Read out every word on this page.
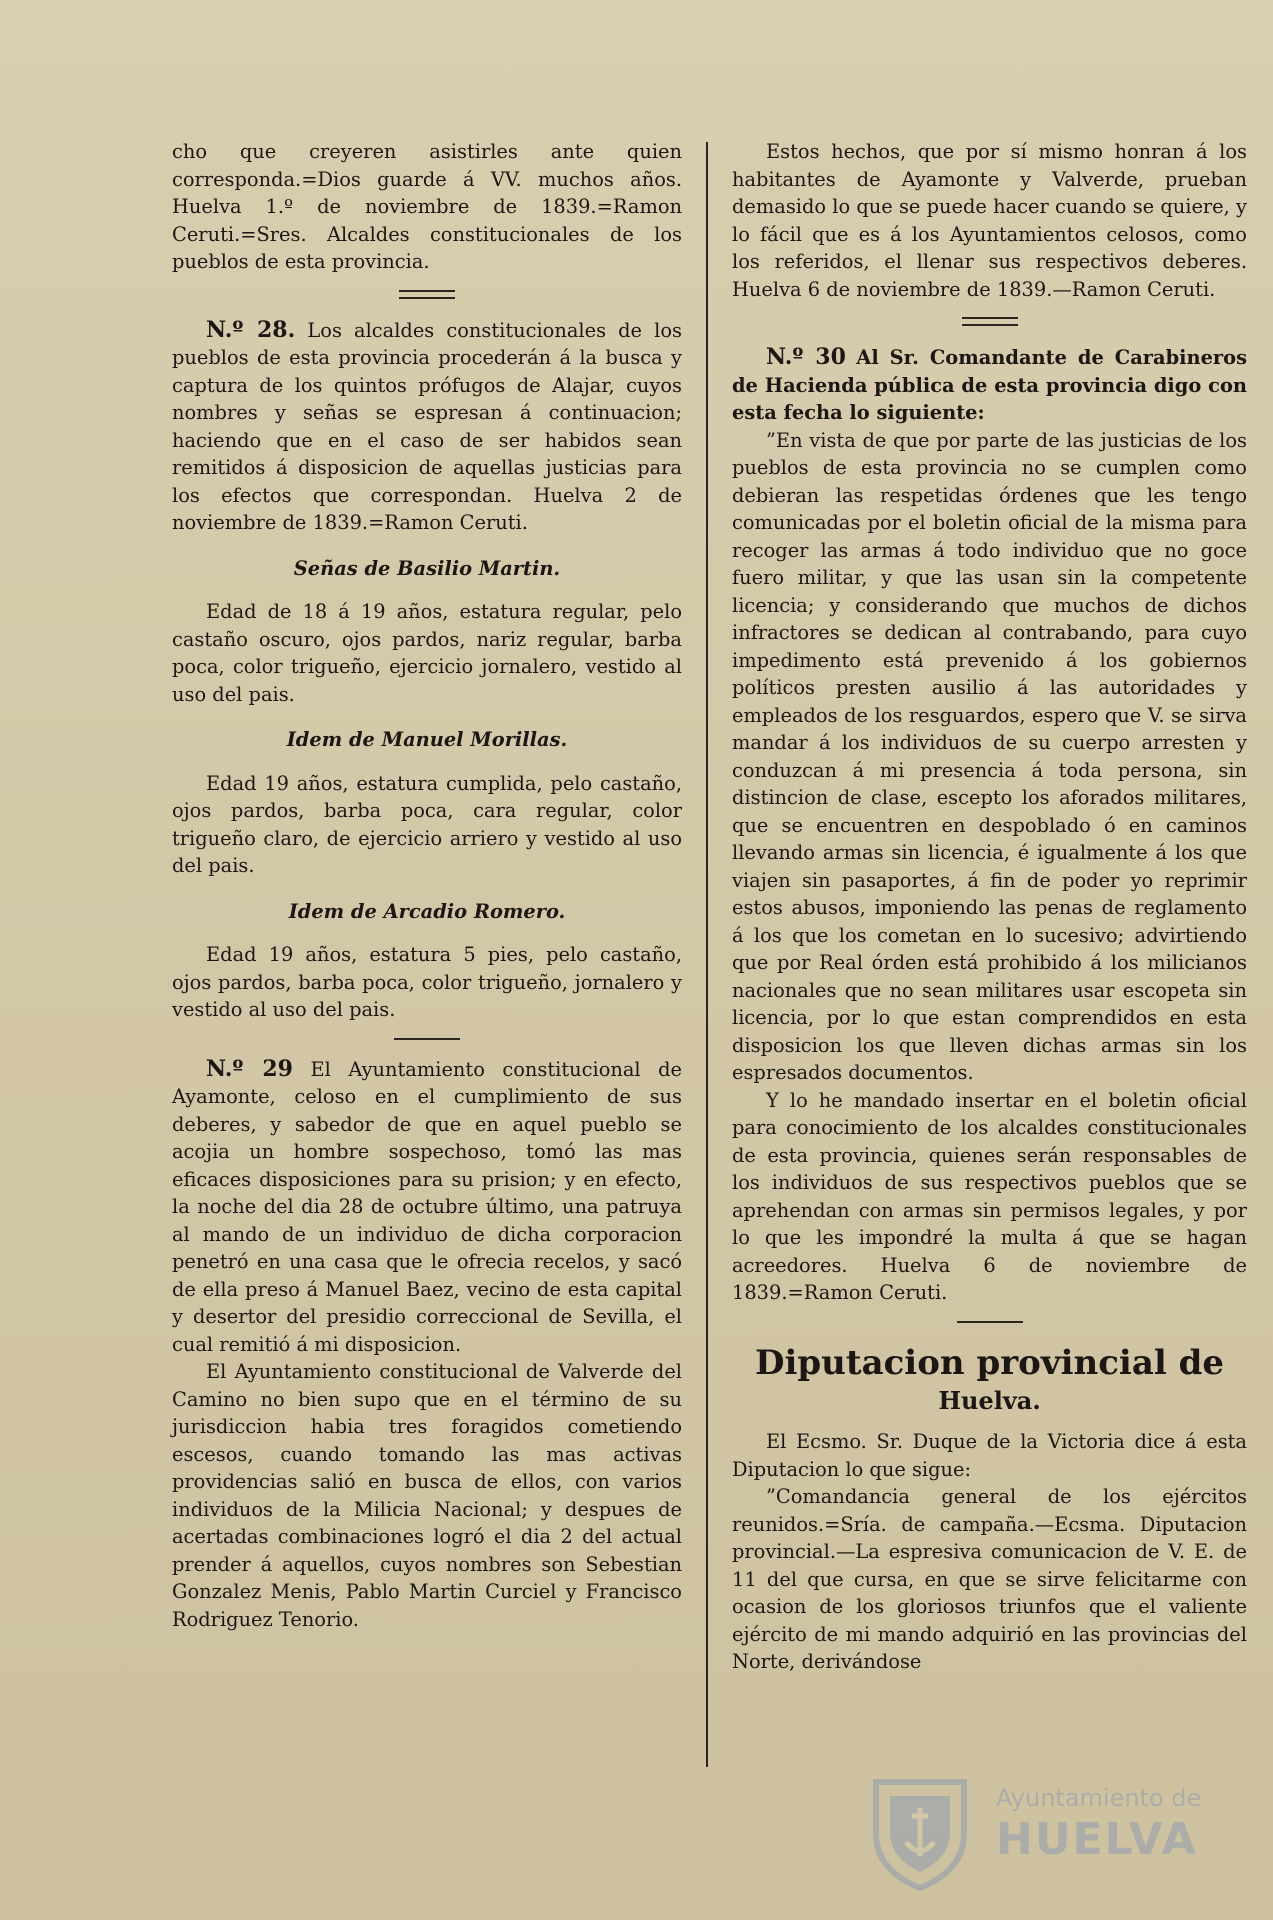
cho que creyeren asistirles ante quien corresponda.=Dios guarde á VV. muchos años. Huelva 1.º de noviembre de 1839.=Ramon Ceruti.=Sres. Alcaldes constitucionales de los pueblos de esta provincia.

N.º 28. Los alcaldes constitucionales de los pueblos de esta provincia procederán á la busca y captura de los quintos prófugos de Alajar, cuyos nombres y señas se espresan á continuacion; haciendo que en el caso de ser habidos sean remitidos á disposicion de aquellas justicias para los efectos que correspondan. Huelva 2 de noviembre de 1839.=Ramon Ceruti.

Señas de Basilio Martin.

Edad de 18 á 19 años, estatura regular, pelo castaño oscuro, ojos pardos, nariz regular, barba poca, color trigueño, ejercicio jornalero, vestido al uso del pais.

Idem de Manuel Morillas.

Edad 19 años, estatura cumplida, pelo castaño, ojos pardos, barba poca, cara regular, color trigueño claro, de ejercicio arriero y vestido al uso del pais.

Idem de Arcadio Romero.

Edad 19 años, estatura 5 pies, pelo castaño, ojos pardos, barba poca, color trigueño, jornalero y vestido al uso del pais.

N.º 29 El Ayuntamiento constitucional de Ayamonte, celoso en el cumplimiento de sus deberes, y sabedor de que en aquel pueblo se acojia un hombre sospechoso, tomó las mas eficaces disposiciones para su prision; y en efecto, la noche del dia 28 de octubre último, una patruya al mando de un individuo de dicha corporacion penetró en una casa que le ofrecia recelos, y sacó de ella preso á Manuel Baez, vecino de esta capital y desertor del presidio correccional de Sevilla, el cual remitió á mi disposicion.

El Ayuntamiento constitucional de Valverde del Camino no bien supo que en el término de su jurisdiccion habia tres foragidos cometiendo escesos, cuando tomando las mas activas providencias salió en busca de ellos, con varios individuos de la Milicia Nacional; y despues de acertadas combinaciones logró el dia 2 del actual prender á aquellos, cuyos nombres son Sebestian Gonzalez Menis, Pablo Martin Curciel y Francisco Rodriguez Tenorio.

Estos hechos, que por sí mismo honran á los habitantes de Ayamonte y Valverde, prueban demasido lo que se puede hacer cuando se quiere, y lo fácil que es á los Ayuntamientos celosos, como los referidos, el llenar sus respectivos deberes. Huelva 6 de noviembre de 1839.—Ramon Ceruti.

N.º 30 Al Sr. Comandante de Carabineros de Hacienda pública de esta provincia digo con esta fecha lo siguiente:

”En vista de que por parte de las justicias de los pueblos de esta provincia no se cumplen como debieran las respetidas órdenes que les tengo comunicadas por el boletin oficial de la misma para recoger las armas á todo individuo que no goce fuero militar, y que las usan sin la competente licencia; y considerando que muchos de dichos infractores se dedican al contrabando, para cuyo impedimento está prevenido á los gobiernos políticos presten ausilio á las autoridades y empleados de los resguardos, espero que V. se sirva mandar á los individuos de su cuerpo arresten y conduzcan á mi presencia á toda persona, sin distincion de clase, escepto los aforados militares, que se encuentren en despoblado ó en caminos llevando armas sin licencia, é igualmente á los que viajen sin pasaportes, á fin de poder yo reprimir estos abusos, imponiendo las penas de reglamento á los que los cometan en lo sucesivo; advirtiendo que por Real órden está prohibido á los milicianos nacionales que no sean militares usar escopeta sin licencia, por lo que estan comprendidos en esta disposicion los que lleven dichas armas sin los espresados documentos.

Y lo he mandado insertar en el boletin oficial para conocimiento de los alcaldes constitucionales de esta provincia, quienes serán responsables de los individuos de sus respectivos pueblos que se aprehendan con armas sin permisos legales, y por lo que les impondré la multa á que se hagan acreedores. Huelva 6 de noviembre de 1839.=Ramon Ceruti.

Diputacion provincial de
Huelva.

El Ecsmo. Sr. Duque de la Victoria dice á esta Diputacion lo que sigue:

”Comandancia general de los ejércitos reunidos.=Sría. de campaña.—Ecsma. Diputacion provincial.—La espresiva comunicacion de V. E. de 11 del que cursa, en que se sirve felicitarme con ocasion de los gloriosos triunfos que el valiente ejército de mi mando adquirió en las provincias del Norte, derivándose

Ayuntamiento de
HUELVA
